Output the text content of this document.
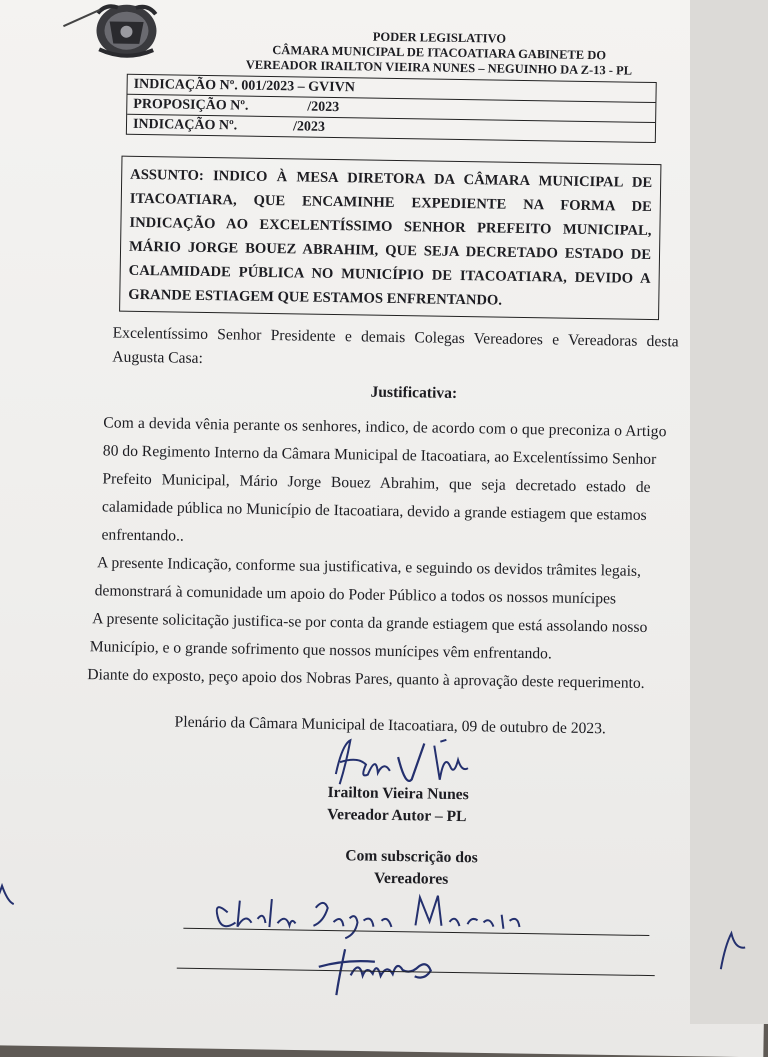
PODER LEGISLATIVO
CÂMARA MUNICIPAL DE ITACOATIARA GABINETE DO
VEREADOR IRAILTON VIEIRA NUNES – NEGUINHO DA Z-13 - PL
INDICAÇÃO Nº. 001/2023 – GVIVN
PROPOSIÇÃO Nº.	/2023
INDICAÇÃO Nº.	/2023
ASSUNTO: INDICO À MESA DIRETORA DA CÂMARA MUNICIPAL DE ITACOATIARA, QUE ENCAMINHE EXPEDIENTE NA FORMA DE INDICAÇÃO AO EXCELENTÍSSIMO SENHOR PREFEITO MUNICIPAL, MÁRIO JORGE BOUEZ ABRAHIM, QUE SEJA DECRETADO ESTADO DE CALAMIDADE PÚBLICA NO MUNICÍPIO DE ITACOATIARA, DEVIDO A GRANDE ESTIAGEM QUE ESTAMOS ENFRENTANDO.
Excelentíssimo Senhor Presidente e demais Colegas Vereadores e Vereadoras desta Augusta Casa:
Justificativa:
Com a devida vênia perante os senhores, indico, de acordo com o que preconiza o Artigo
80 do Regimento Interno da Câmara Municipal de Itacoatiara, ao Excelentíssimo Senhor
Prefeito Municipal, Mário Jorge Bouez Abrahim, que seja decretado estado de
calamidade pública no Município de Itacoatiara, devido a grande estiagem que estamos
enfrentando..
A presente Indicação, conforme sua justificativa, e seguindo os devidos trâmites legais,
demonstrará à comunidade um apoio do Poder Público a todos os nossos munícipes
A presente solicitação justifica-se por conta da grande estiagem que está assolando nosso
Município, e o grande sofrimento que nossos munícipes vêm enfrentando.
Diante do exposto, peço apoio dos Nobras Pares, quanto à aprovação deste requerimento.
Plenário da Câmara Municipal de Itacoatiara, 09 de outubro de 2023.
Irailton Vieira Nunes
Vereador Autor – PL
Com subscrição dos
Vereadores
